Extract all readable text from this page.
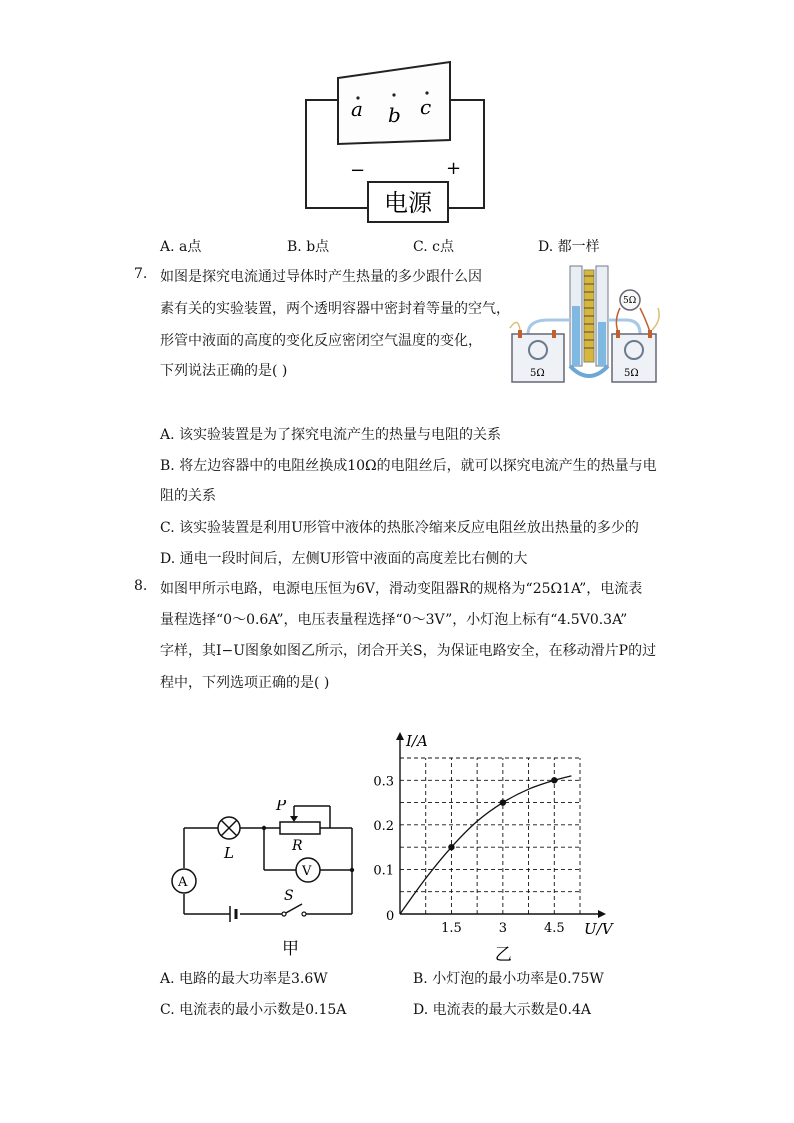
a b c
−	+
电源
A. a点	B. b点	C. c点	D. 都一样
7. 如图是探究电流通过导体时产生热量的多少跟什么因
素有关的实验装置，两个透明容器中密封着等量的空气，
形管中液面的高度的变化反应密闭空气温度的变化，
下列说法正确的是( )	5Ω	5Ω
5Ω
A. 该实验装置是为了探究电流产生的热量与电阻的关系
B. 将左边容器中的电阻丝换成10Ω的电阻丝后，就可以探究电流产生的热量与电
阻的关系
C. 该实验装置是利用U形管中液体的热胀冷缩来反应电阻丝放出热量的多少的
D. 通电一段时间后，左侧U形管中液面的高度差比右侧的大
8. 如图甲所示电路，电源电压恒为6V，滑动变阻器R的规格为“25Ω1A”，电流表
量程选择“0～0.6A”，电压表量程选择“0～3V”，小灯泡上标有“4.5V0.3A”
字样，其I−U图象如图乙所示，闭合开关S，为保证电路安全，在移动滑片P的过
程中，下列选项正确的是( )
P
R
L
A
V
S
甲
1.5	3	4.5
0.1
0.2
0.3
I/A
U/V
0
乙
A. 电路的最大功率是3.6W	B. 小灯泡的最小功率是0.75W
C. 电流表的最小示数是0.15A	D. 电流表的最大示数是0.4A
